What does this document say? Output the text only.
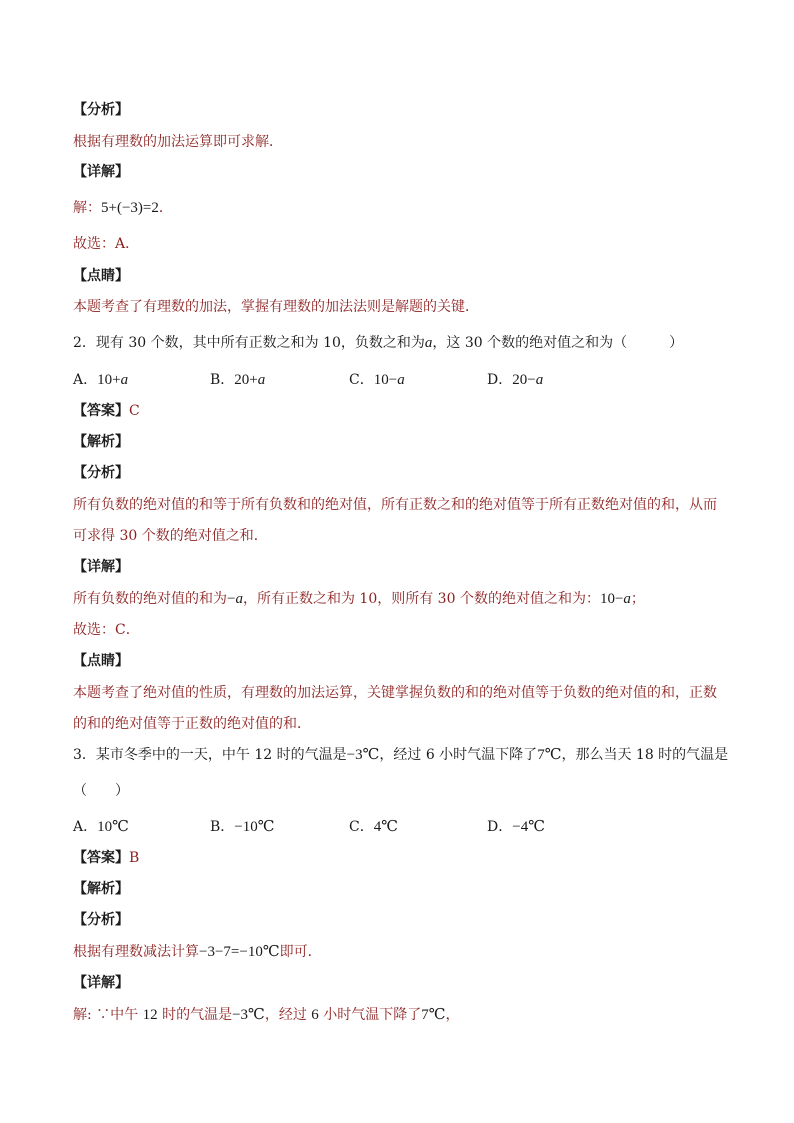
【分析】
根据有理数的加法运算即可求解．
【详解】
解：5+(−3)=2．
故选：A．
【点睛】
本题考查了有理数的加法，掌握有理数的加法法则是解题的关键．
2．现有 30 个数，其中所有正数之和为 10，负数之和为a，这 30 个数的绝对值之和为（	）
A．10+a	B．20+a	C．10−a	D．20−a
【答案】C
【解析】
【分析】
所有负数的绝对值的和等于所有负数和的绝对值，所有正数之和的绝对值等于所有正数绝对值的和，从而
可求得 30 个数的绝对值之和．
【详解】
所有负数的绝对值的和为−a，所有正数之和为 10，则所有 30 个数的绝对值之和为：10−a；
故选：C．
【点睛】
本题考查了绝对值的性质，有理数的加法运算，关键掌握负数的和的绝对值等于负数的绝对值的和，正数
的和的绝对值等于正数的绝对值的和．
3．某市冬季中的一天，中午 12 时的气温是−3℃，经过 6 小时气温下降了7℃，那么当天 18 时的气温是
（　　）
A．10℃	B．−10℃	C．4℃	D．−4℃
【答案】B
【解析】
【分析】
根据有理数减法计算−3−7=−10℃即可．
【详解】
解: ∵中午 12 时的气温是−3℃，经过 6 小时气温下降了7℃，
